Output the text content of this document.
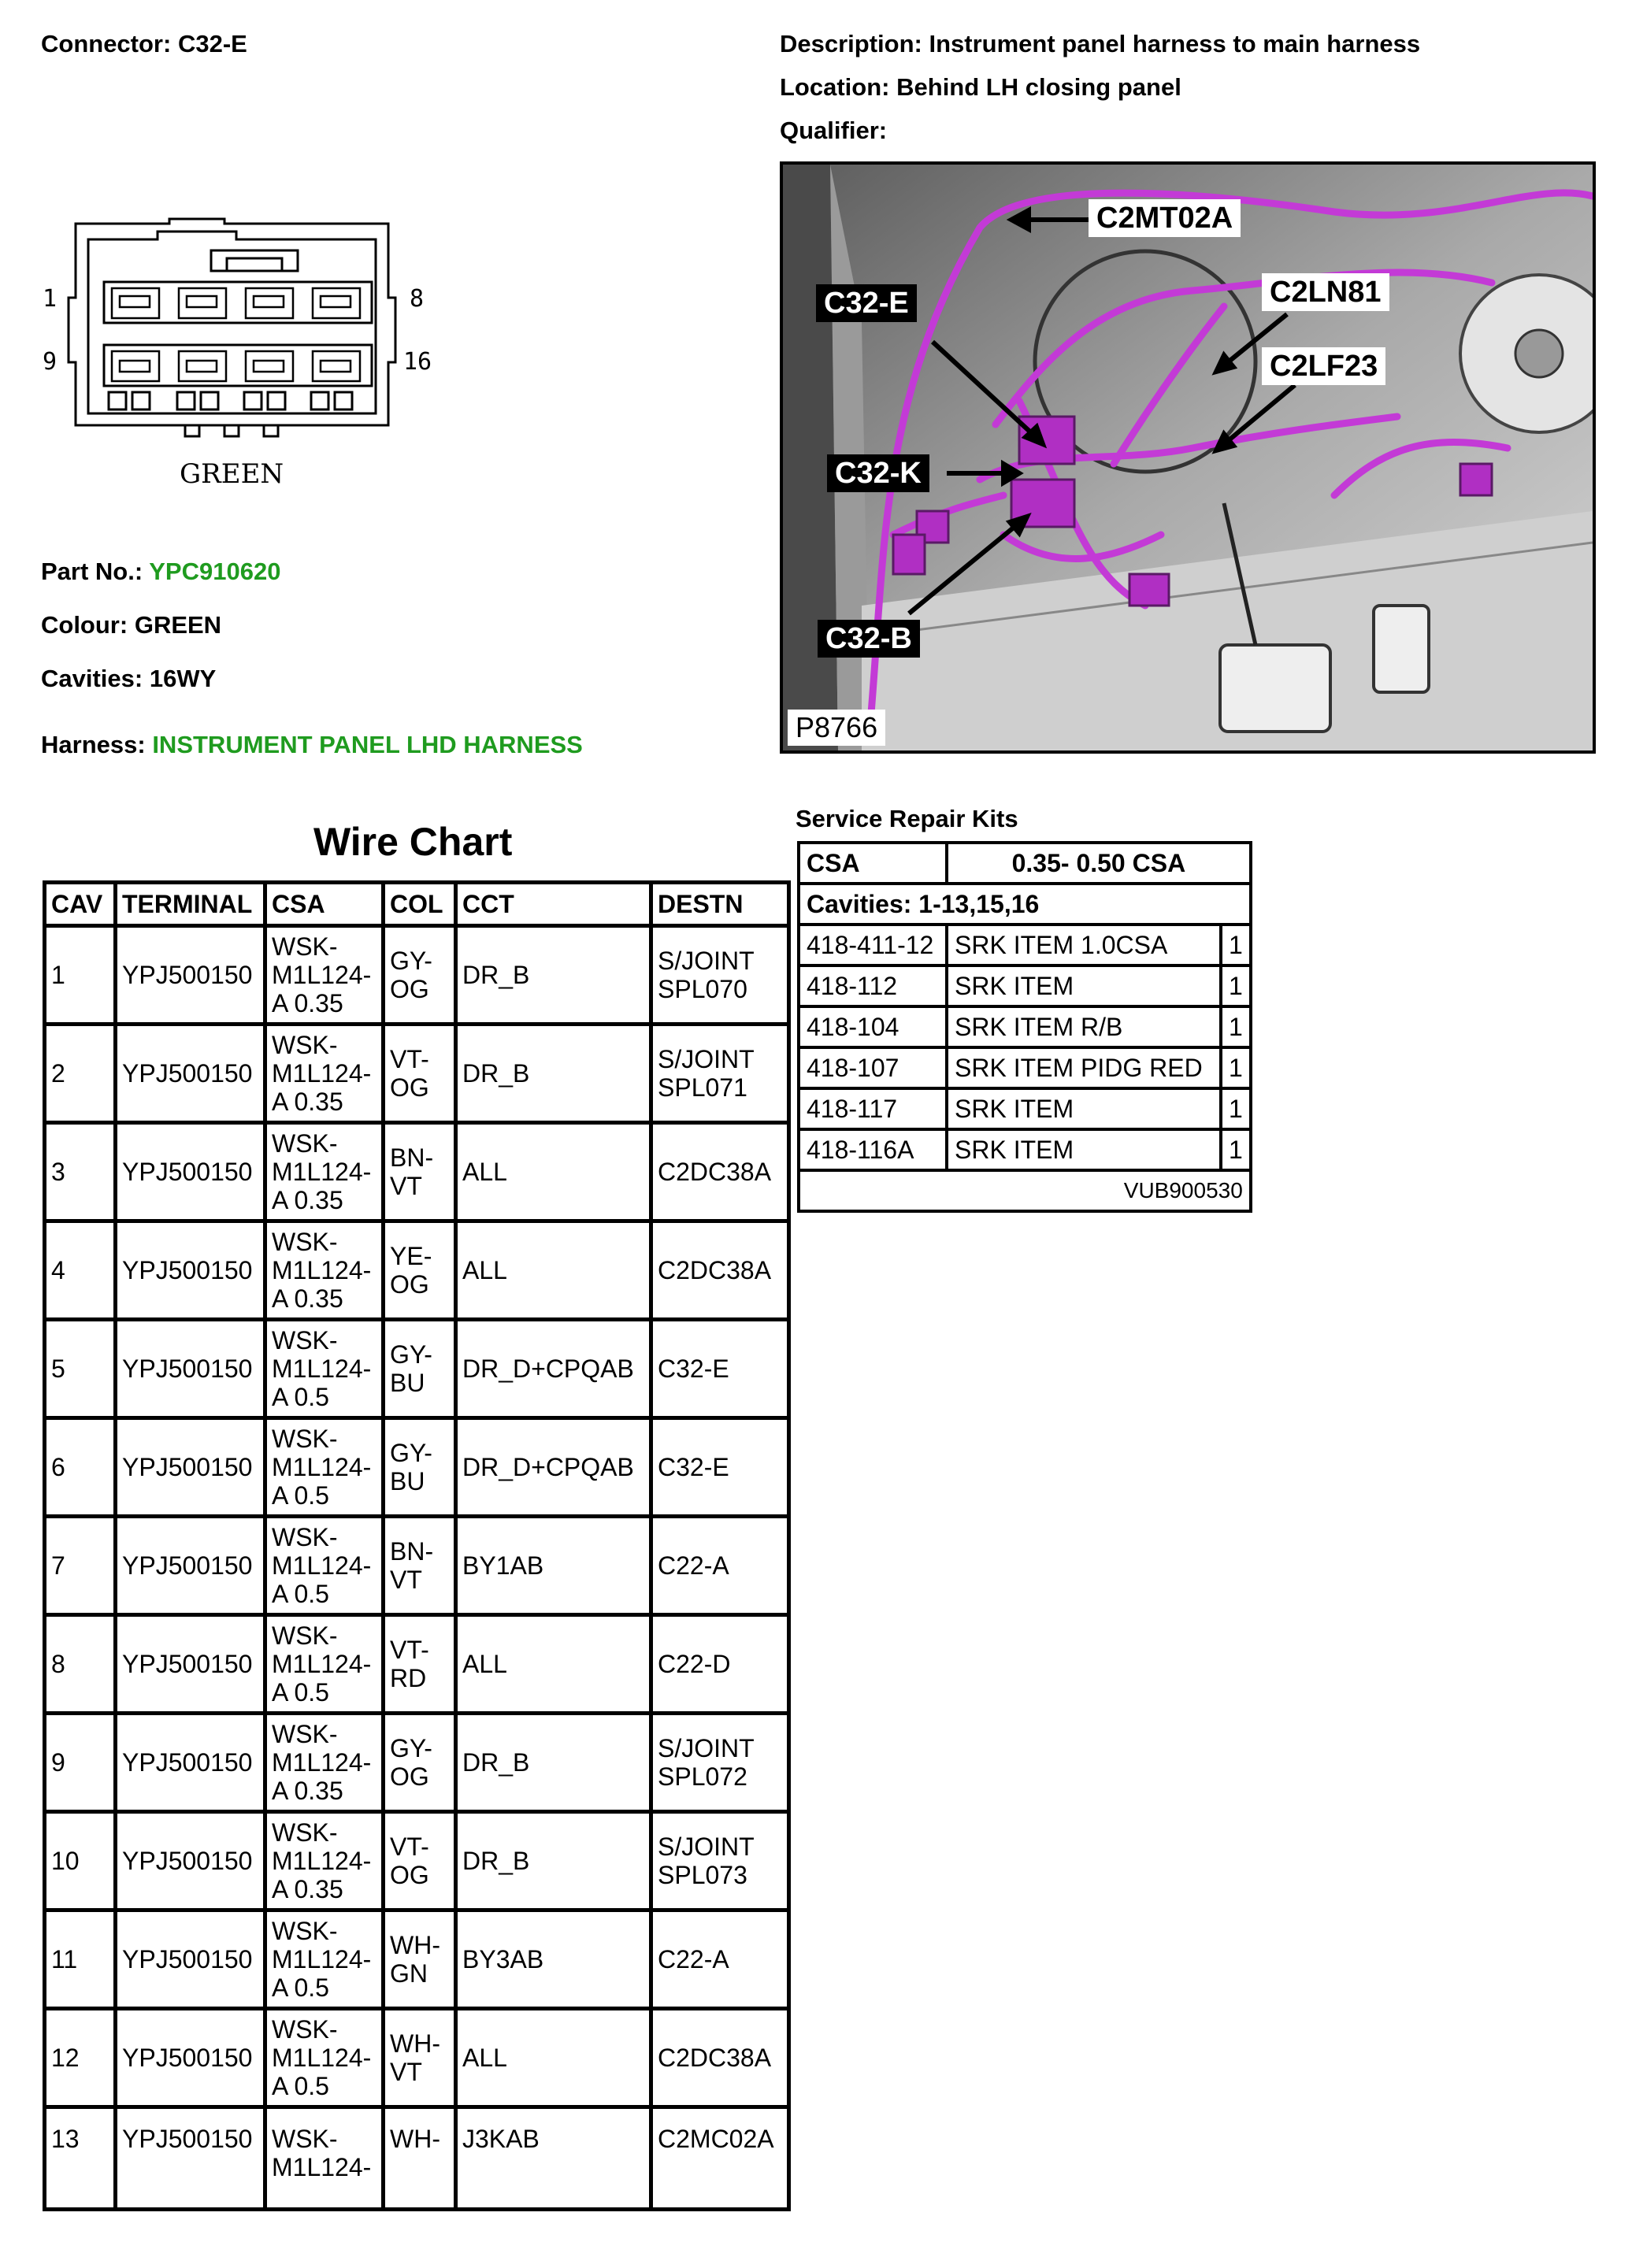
Connector: C32-E	Description: Instrument panel harness to main harness
Location: Behind LH closing panel
Qualifier:
1
9
8
16
GREEN
Part No.: YPC910620
Colour: GREEN
Cavities: 16WY
Harness: INSTRUMENT PANEL LHD HARNESS
C2MT02A
C32-E	C2LN81
C2LF23
C32-K
C32-B
P8766
Wire Chart
CAV	TERMINAL	CSA	COL	CCT	DESTN
1	YPJ500150	WSK-M1L124-A 0.35	GY-OG	DR_B	S/JOINT SPL070
2	YPJ500150	WSK-M1L124-A 0.35	VT-OG	DR_B	S/JOINT SPL071
3	YPJ500150	WSK-M1L124-A 0.35	BN-VT	ALL	C2DC38A
4	YPJ500150	WSK-M1L124-A 0.35	YE-OG	ALL	C2DC38A
5	YPJ500150	WSK-M1L124-A 0.5	GY-BU	DR_D+CPQAB	C32-E
6	YPJ500150	WSK-M1L124-A 0.5	GY-BU	DR_D+CPQAB	C32-E
7	YPJ500150	WSK-M1L124-A 0.5	BN-VT	BY1AB	C22-A
8	YPJ500150	WSK-M1L124-A 0.5	VT-RD	ALL	C22-D
9	YPJ500150	WSK-M1L124-A 0.35	GY-OG	DR_B	S/JOINT SPL072
10	YPJ500150	WSK-M1L124-A 0.35	VT-OG	DR_B	S/JOINT SPL073
11	YPJ500150	WSK-M1L124-A 0.5	WH-GN	BY3AB	C22-A
12	YPJ500150	WSK-M1L124-A 0.5	WH-VT	ALL	C2DC38A
13	YPJ500150	WSK-M1L124-	WH-	J3KAB	C2MC02A
Service Repair Kits
CSA	0.35- 0.50 CSA	
Cavities: 1-13,15,16		
418-411-12	SRK ITEM 1.0CSA	1
418-112	SRK ITEM	1
418-104	SRK ITEM R/B	1
418-107	SRK ITEM PIDG RED	1
418-117	SRK ITEM	1
418-116A	SRK ITEM	1
VUB900530		
